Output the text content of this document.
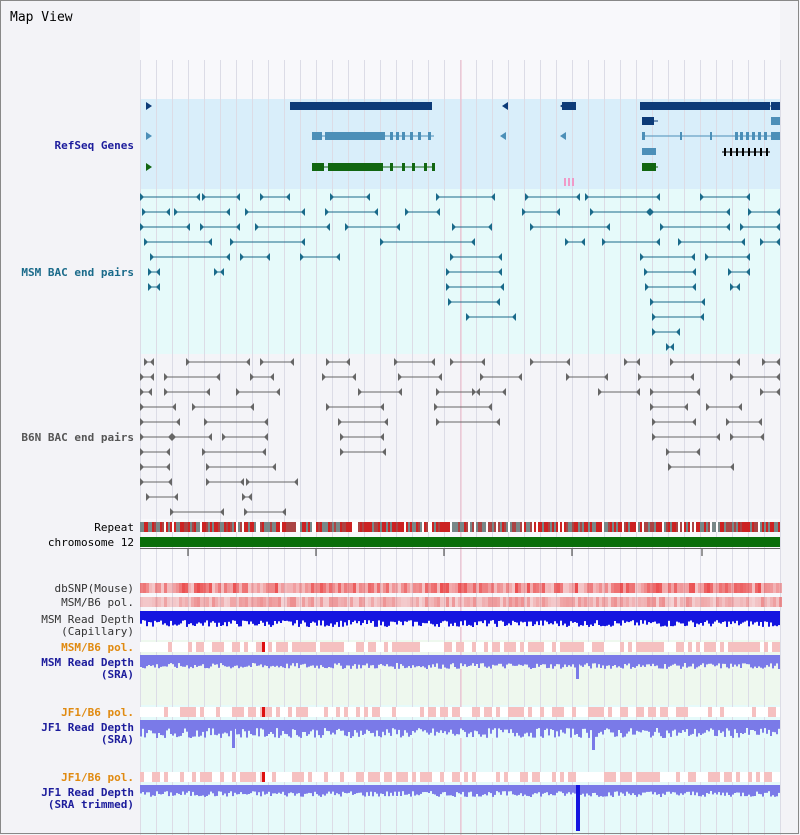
Map View
RefSeq Genes
MSM BAC end pairs
B6N BAC end pairs
Repeat
chromosome 12
dbSNP(Mouse)
MSM/B6 pol.
MSM Read Depth
(Capillary)
MSM/B6 pol.
MSM Read Depth
(SRA)
JF1/B6 pol.
JF1 Read Depth
(SRA)
JF1/B6 pol.
JF1 Read Depth
(SRA trimmed)
